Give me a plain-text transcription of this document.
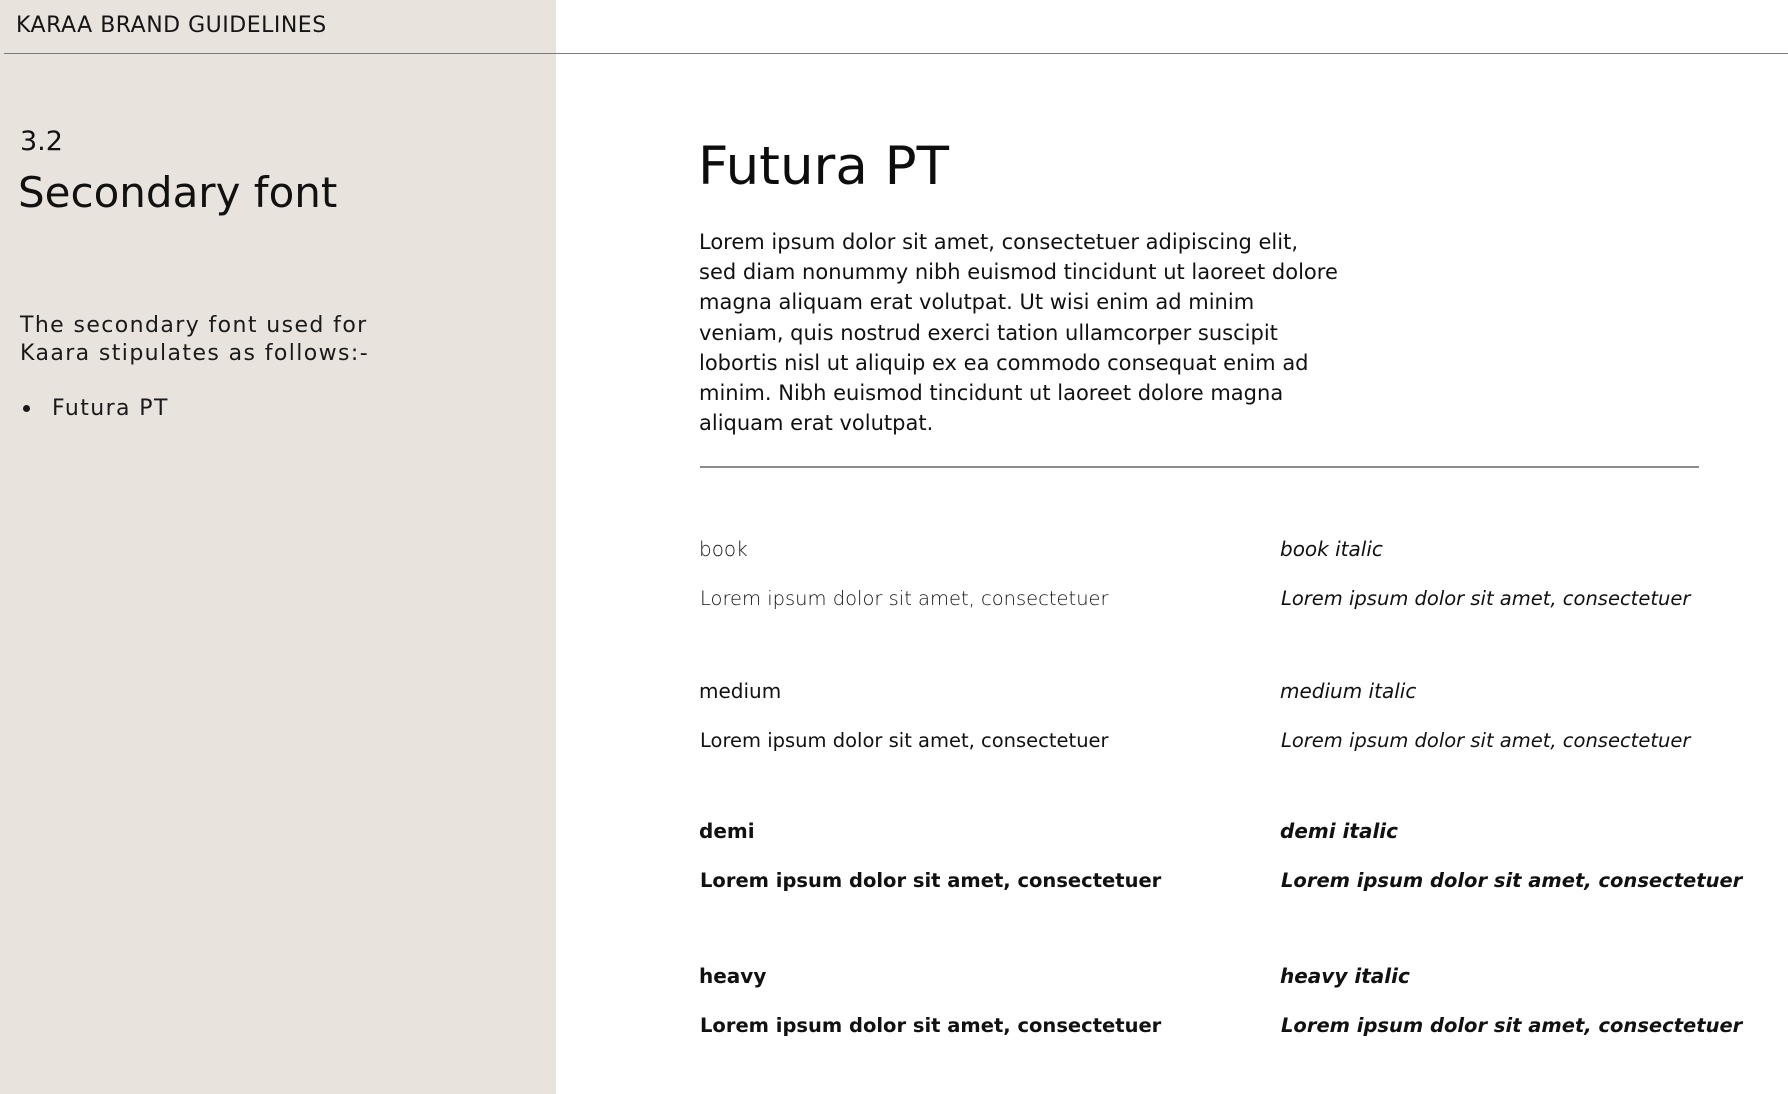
KARAA BRAND GUIDELINES
3.2
Secondary font
The secondary font used for Kaara stipulates as follows:-
Futura PT
Futura PT

Lorem ipsum dolor sit amet, consectetuer adipiscing elit, sed diam nonummy nibh euismod tincidunt ut laoreet dolore magna aliquam erat volutpat. Ut wisi enim ad minim veniam, quis nostrud exerci tation ullamcorper suscipit lobortis nisl ut aliquip ex ea commodo consequat enim ad minim. Nibh euismod tincidunt ut laoreet dolore magna aliquam erat volutpat.

book
Lorem ipsum dolor sit amet, consectetuer
book italic
Lorem ipsum dolor sit amet, consectetuer
medium
Lorem ipsum dolor sit amet, consectetuer
medium italic
Lorem ipsum dolor sit amet, consectetuer
demi
Lorem ipsum dolor sit amet, consectetuer
demi italic
Lorem ipsum dolor sit amet, consectetuer
heavy
Lorem ipsum dolor sit amet, consectetuer
heavy italic
Lorem ipsum dolor sit amet, consectetuer
